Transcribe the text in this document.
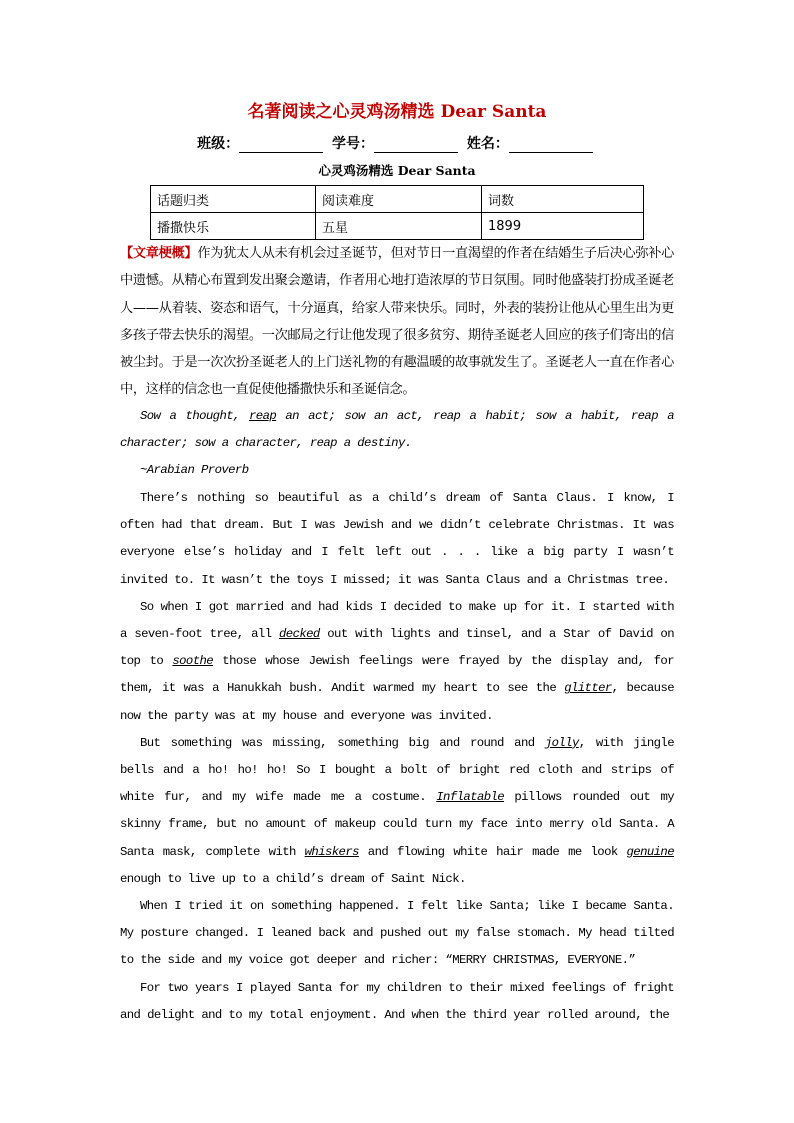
名著阅读之心灵鸡汤精选 Dear Santa
班级：	学号：	姓名：
心灵鸡汤精选 Dear Santa
话题归类	阅读难度	词数
播撒快乐	五星	1899
【文章梗概】作为犹太人从未有机会过圣诞节，但对节日一直渴望的作者在结婚生子后决心弥补心中遗憾。从精心布置到发出聚会邀请，作者用心地打造浓厚的节日氛围。同时他盛装打扮成圣诞老人——从着装、姿态和语气，十分逼真，给家人带来快乐。同时，外表的装扮让他从心里生出为更多孩子带去快乐的渴望。一次邮局之行让他发现了很多贫穷、期待圣诞老人回应的孩子们寄出的信被尘封。于是一次次扮圣诞老人的上门送礼物的有趣温暖的故事就发生了。圣诞老人一直在作者心中，这样的信念也一直促使他播撒快乐和圣诞信念。

Sow a thought, reap an act; sow an act, reap a habit; sow a habit, reap a character; sow a character, reap a destiny.

~Arabian Proverb

There’s nothing so beautiful as a child’s dream of Santa Claus. I know, I often had that dream. But I was Jewish and we didn’t celebrate Christmas. It was everyone else’s holiday and I felt left out . . . like a big party I wasn’t invited to. It wasn’t the toys I missed; it was Santa Claus and a Christmas tree.

So when I got married and had kids I decided to make up for it. I started with a seven-foot tree, all decked out with lights and tinsel, and a Star of David on top to soothe those whose Jewish feelings were frayed by the display and, for them, it was a Hanukkah bush. Andit warmed my heart to see the glitter, because now the party was at my house and everyone was invited.

But something was missing, something big and round and jolly, with jingle bells and a ho! ho! ho! So I bought a bolt of bright red cloth and strips of white fur, and my wife made me a costume. Inflatable pillows rounded out my skinny frame, but no amount of makeup could turn my face into merry old Santa. A Santa mask, complete with whiskers and flowing white hair made me look genuine enough to live up to a child’s dream of Saint Nick.

When I tried it on something happened. I felt like Santa; like I became Santa. My posture changed. I leaned back and pushed out my false stomach. My head tilted to the side and my voice got deeper and richer: “MERRY CHRISTMAS, EVERYONE.”

For two years I played Santa for my children to their mixed feelings of fright and delight and to my total enjoyment. And when the third year rolled around, the
